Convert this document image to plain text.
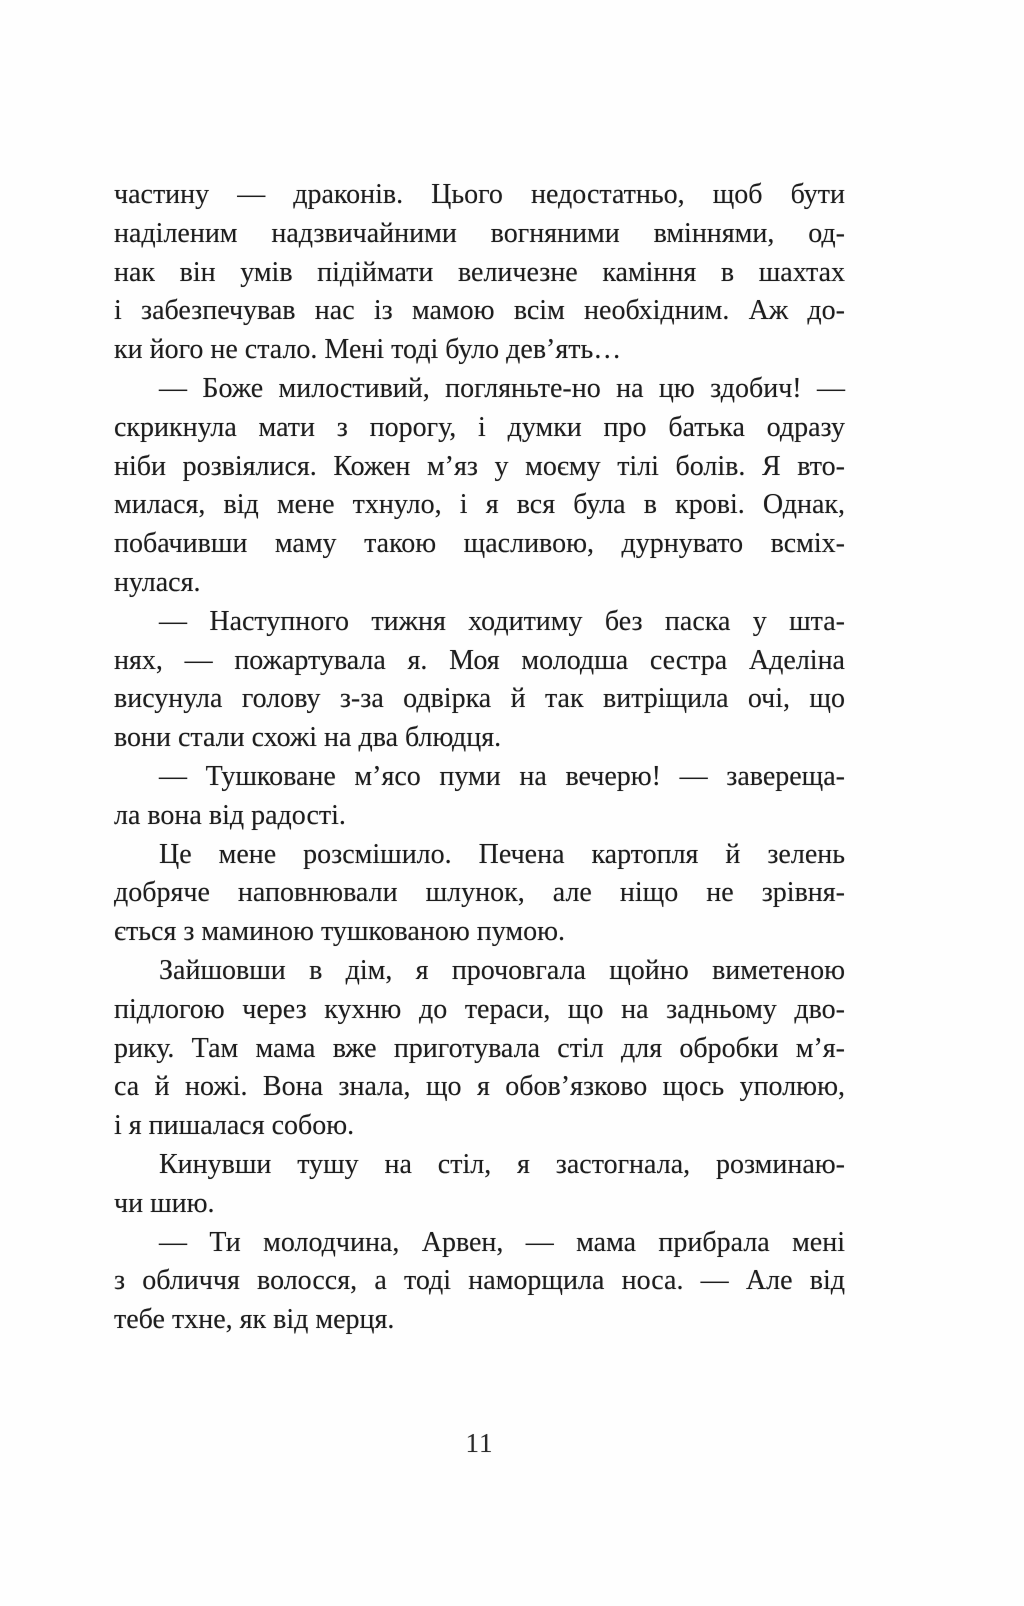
частину — драконів. Цього недостатньо, щоб бути
наділеним надзвичайними вогняними вміннями, од-
нак він умів підіймати величезне каміння в шахтах
і забезпечував нас із мамою всім необхідним. Аж до-
ки його не стало. Мені тоді було дев’ять…
— Боже милостивий, погляньте-но на цю здобич! —
скрикнула мати з порогу, і думки про батька одразу
ніби розвіялися. Кожен м’яз у моєму тілі болів. Я вто-
милася, від мене тхнуло, і я вся була в крові. Однак,
побачивши маму такою щасливою, дурнувато всміх-
нулася.
— Наступного тижня ходитиму без паска у шта-
нях, — пожартувала я. Моя молодша сестра Аделіна
висунула голову з-за одвірка й так витріщила очі, що
вони стали схожі на два блюдця.
— Тушковане м’ясо пуми на вечерю! — завереща-
ла вона від радості.
Це мене розсмішило. Печена картопля й зелень
добряче наповнювали шлунок, але ніщо не зрівня-
ється з маминою тушкованою пумою.
Зайшовши в дім, я прочовгала щойно виметеною
підлогою через кухню до тераси, що на задньому дво-
рику. Там мама вже приготувала стіл для обробки м’я-
са й ножі. Вона знала, що я обов’язково щось уполюю,
і я пишалася собою.
Кинувши тушу на стіл, я застогнала, розминаю-
чи шию.
— Ти молодчина, Арвен, — мама прибрала мені
з обличчя волосся, а тоді наморщила носа. — Але від
тебе тхне, як від мерця.
11
